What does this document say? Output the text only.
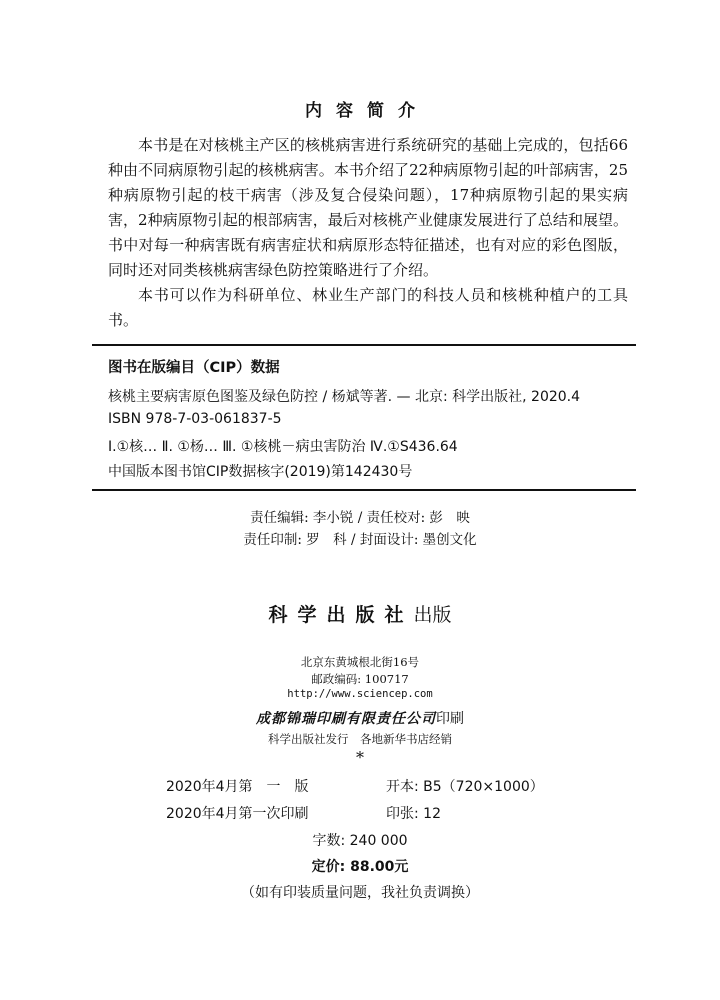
内容简介

本书是在对核桃主产区的核桃病害进行系统研究的基础上完成的，包括66种由不同病原物引起的核桃病害。本书介绍了22种病原物引起的叶部病害，25种病原物引起的枝干病害（涉及复合侵染问题），17种病原物引起的果实病害，2种病原物引起的根部病害，最后对核桃产业健康发展进行了总结和展望。书中对每一种病害既有病害症状和病原形态特征描述，也有对应的彩色图版，同时还对同类核桃病害绿色防控策略进行了介绍。

本书可以作为科研单位、林业生产部门的科技人员和核桃种植户的工具书。

图书在版编目（CIP）数据
核桃主要病害原色图鉴及绿色防控 / 杨斌等著. — 北京: 科学出版社, 2020.4
ISBN 978-7-03-061837-5
Ⅰ.①核… Ⅱ. ①杨… Ⅲ. ①核桃－病虫害防治 Ⅳ.①S436.64
中国版本图书馆CIP数据核字(2019)第142430号
责任编辑: 李小锐 / 责任校对: 彭　映
责任印制: 罗　科 / 封面设计: 墨创文化
科学出版社出版
北京东黄城根北街16号
邮政编码: 100717
http://www.sciencep.com
成都锦瑞印刷有限责任公司印刷
科学出版社发行　各地新华书店经销
*
2020年4月第　一　版	开本: B5（720×1000）
2020年4月第一次印刷	印张: 12
字数: 240 000
定价: 88.00元
（如有印装质量问题，我社负责调换）
